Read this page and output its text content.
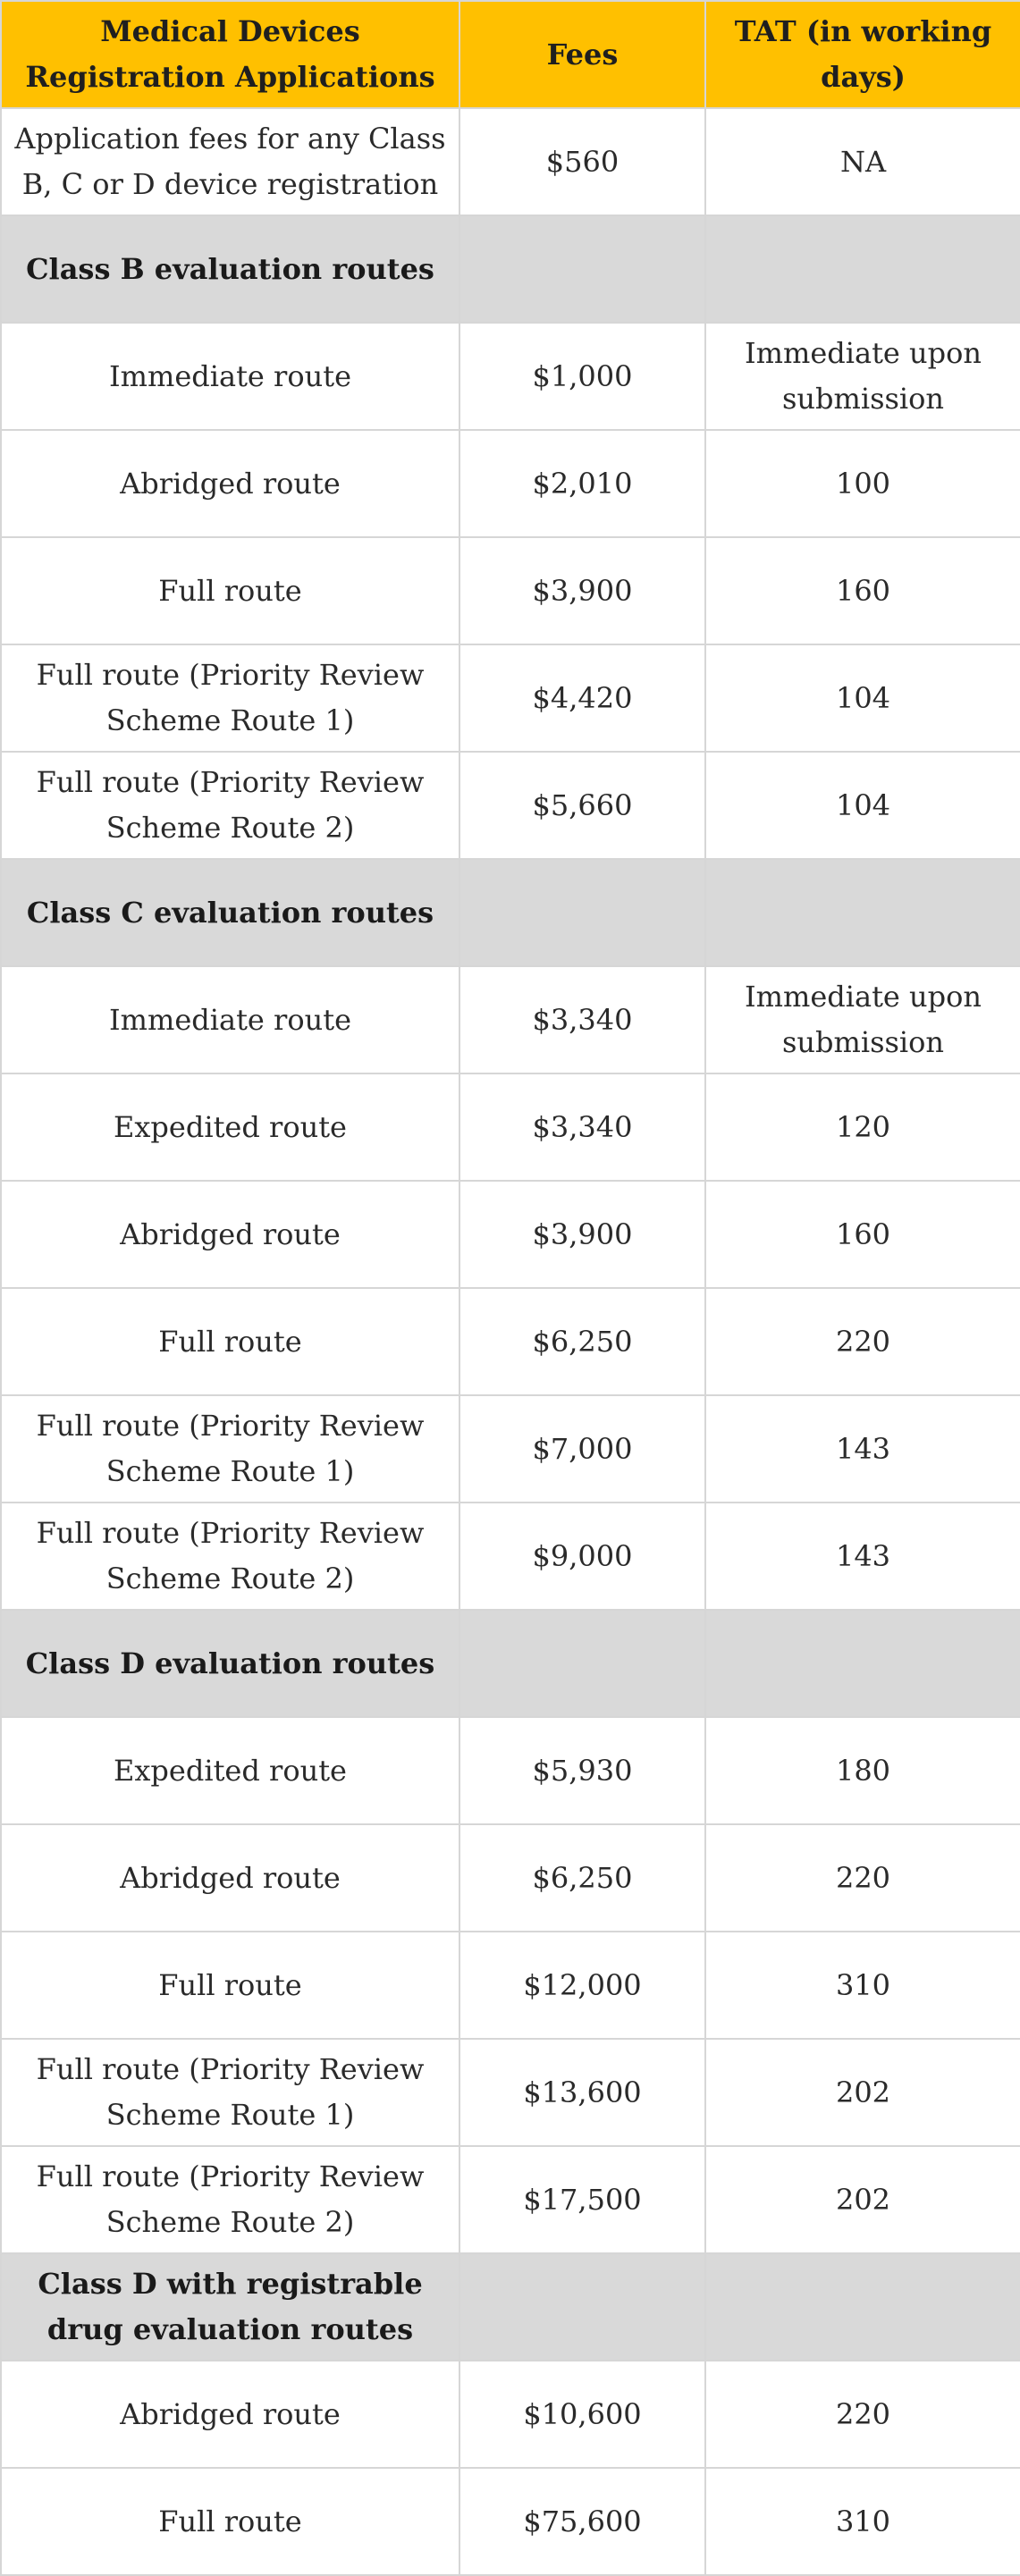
Medical Devices Registration Applications	Fees	TAT (in working days)
Application fees for any Class B, C or D device registration	$560	NA
Class B evaluation routes		
Immediate route	$1,000	Immediate upon submission
Abridged route	$2,010	100
Full route	$3,900	160
Full route (Priority Review Scheme Route 1)	$4,420	104
Full route (Priority Review Scheme Route 2)	$5,660	104
Class C evaluation routes		
Immediate route	$3,340	Immediate upon submission
Expedited route	$3,340	120
Abridged route	$3,900	160
Full route	$6,250	220
Full route (Priority Review Scheme Route 1)	$7,000	143
Full route (Priority Review Scheme Route 2)	$9,000	143
Class D evaluation routes		
Expedited route	$5,930	180
Abridged route	$6,250	220
Full route	$12,000	310
Full route (Priority Review Scheme Route 1)	$13,600	202
Full route (Priority Review Scheme Route 2)	$17,500	202
Class D with registrable drug evaluation routes		
Abridged route	$10,600	220
Full route	$75,600	310
